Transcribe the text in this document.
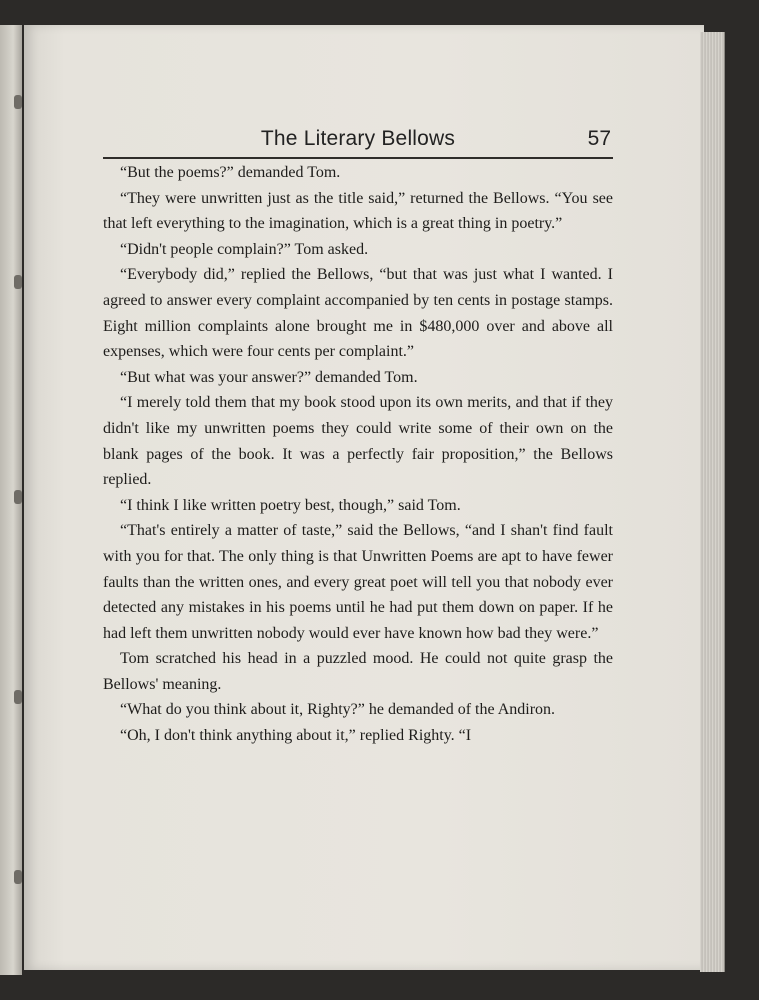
The Literary Bellows	57

“But the poems?” demanded Tom.

“They were unwritten just as the title said,” returned the Bellows. “You see that left everything to the imagination, which is a great thing in poetry.”

“Didn't people complain?” Tom asked.

“Everybody did,” replied the Bellows, “but that was just what I wanted. I agreed to answer every complaint accompanied by ten cents in postage stamps. Eight million complaints alone brought me in $480,000 over and above all expenses, which were four cents per complaint.”

“But what was your answer?” demanded Tom.

“I merely told them that my book stood upon its own merits, and that if they didn't like my unwritten poems they could write some of their own on the blank pages of the book. It was a perfectly fair proposition,” the Bellows replied.

“I think I like written poetry best, though,” said Tom.

“That's entirely a matter of taste,” said the Bellows, “and I shan't find fault with you for that. The only thing is that Unwritten Poems are apt to have fewer faults than the written ones, and every great poet will tell you that nobody ever detected any mistakes in his poems until he had put them down on paper. If he had left them unwritten nobody would ever have known how bad they were.”

Tom scratched his head in a puzzled mood. He could not quite grasp the Bellows' meaning.

“What do you think about it, Righty?” he demanded of the Andiron.

“Oh, I don't think anything about it,” replied Righty. “I
